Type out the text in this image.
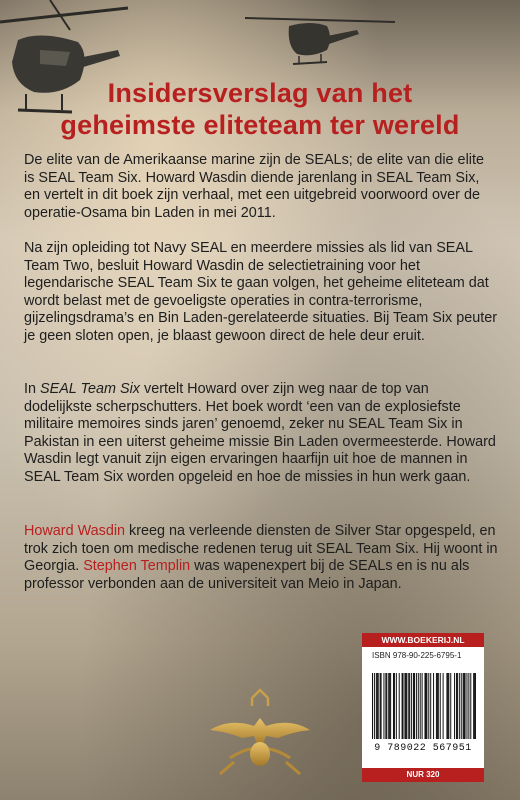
Insidersverslag van het
geheimste eliteteam ter wereld
De elite van de Amerikaanse marine zijn de SEALs; de elite van die elite is SEAL Team Six. Howard Wasdin diende jarenlang in SEAL Team Six, en vertelt in dit boek zijn verhaal, met een uitgebreid voorwoord over de operatie-Osama bin Laden in mei 2011.
Na zijn opleiding tot Navy SEAL en meerdere missies als lid van SEAL Team Two, besluit Howard Wasdin de selectietraining voor het legendarische SEAL Team Six te gaan volgen, het geheime eliteteam dat wordt belast met de gevoeligste operaties in contra-terrorisme, gijzelingsdrama’s en Bin Laden-gerelateerde situaties. Bij Team Six peuter je geen sloten open, je blaast gewoon direct de hele deur eruit.
In SEAL Team Six vertelt Howard over zijn weg naar de top van dodelijkste scherpschutters. Het boek wordt ‘een van de explosiefste militaire memoires sinds jaren’ genoemd, zeker nu SEAL Team Six in Pakistan in een uiterst geheime missie Bin Laden overmeesterde. Howard Wasdin legt vanuit zijn eigen ervaringen haarfijn uit hoe de mannen in SEAL Team Six worden opgeleid en hoe de missies in hun werk gaan.
Howard Wasdin kreeg na verleende diensten de Silver Star opgespeld, en trok zich toen om medische redenen terug uit SEAL Team Six. Hij woont in Georgia. Stephen Templin was wapenexpert bij de SEALs en is nu als professor verbonden aan de universiteit van Meio in Japan.
WWW.BOEKERIJ.NL
ISBN 978-90-225-6795-1
9 789022 567951
NUR 320
